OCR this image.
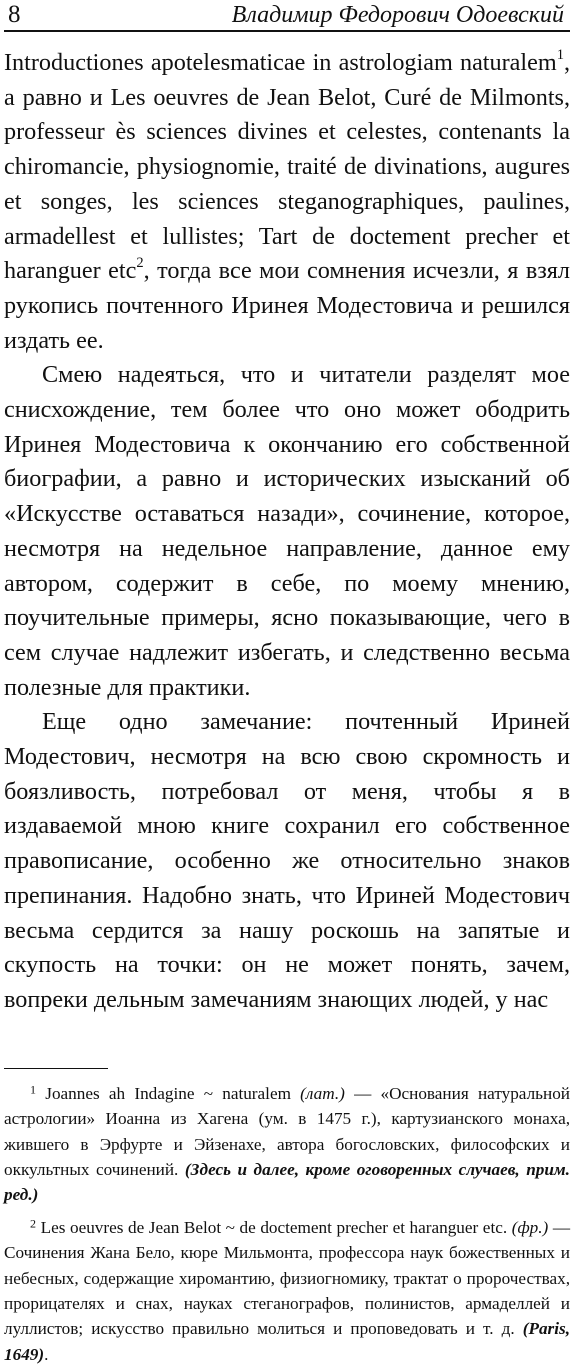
8	Владимир Федорович Одоевский

Introductiones apotelesmaticae in astrologiam naturalem$^1$, а равно и Les oeuvres de Jean Belot, Curé de Milmonts, professeur ès sciences divines et celestes, contenants la chiromancie, physiognomie, traité de divinations, augures et songes, les sciences steganographiques, paulines, armadellest et lullistes; Tart de doctement precher et haranguer etc$^2$, тогда все мои сомнения исчезли, я взял рукопись почтенного Иринея Модестовича и решился издать ее.

Смею надеяться, что и читатели разделят мое снисхождение, тем более что оно может ободрить Иринея Модестовича к окончанию его собственной биографии, а равно и исторических изысканий об «Искусстве оставаться назади», сочинение, которое, несмотря на недельное направление, данное ему автором, содержит в себе, по моему мнению, поучительные примеры, ясно показывающие, чего в сем случае надлежит избегать, и следственно весьма полезные для практики.

Еще одно замечание: почтенный Ириней Модестович, несмотря на всю свою скромность и боязливость, потребовал от меня, чтобы я в издаваемой мною книге сохранил его собственное правописание, особенно же относительно знаков препинания. Надобно знать, что Ириней Модестович весьма сердится за нашу роскошь на запятые и скупость на точки: он не может понять, зачем, вопреки дельным замечаниям знающих людей, у нас

$^1$ Joannes ah Indagine ~ naturalem (лат.) — «Основания натуральной астрологии» Иоанна из Хагена (ум. в 1475 г.), картузианского монаха, жившего в Эрфурте и Эйзенахе, автора богословских, философских и оккультных сочинений. (Здесь и далее, кроме оговоренных случаев, прим. ред.)

$^2$ Les oeuvres de Jean Belot ~ de doctement precher et haranguer etc. (фр.) — Сочинения Жана Бело, кюре Мильмонта, профессора наук божественных и небесных, содержащие хиромантию, физиогномику, трактат о пророчествах, прорицателях и снах, науках стеганографов, полинистов, армаделлей и луллистов; искусство правильно молиться и проповедовать и т. д. (Paris, 1649).
